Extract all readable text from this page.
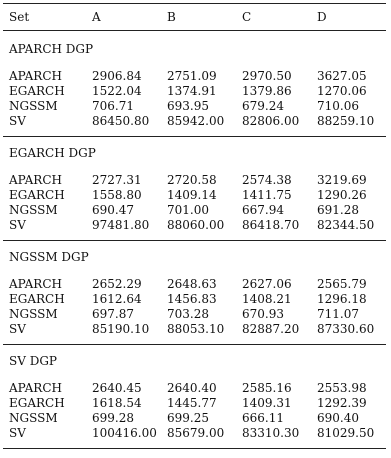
Set	A	B	C	D
APARCH DGP				

APARCH	2906.84	2751.09	2970.50	3627.05
EGARCH	1522.04	1374.91	1379.86	1270.06
NGSSM	706.71	693.95	679.24	710.06
SV	86450.80	85942.00	82806.00	88259.10

EGARCH DGP				

APARCH	2727.31	2720.58	2574.38	3219.69
EGARCH	1558.80	1409.14	1411.75	1290.26
NGSSM	690.47	701.00	667.94	691.28
SV	97481.80	88060.00	86418.70	82344.50

NGSSM DGP				

APARCH	2652.29	2648.63	2627.06	2565.79
EGARCH	1612.64	1456.83	1408.21	1296.18
NGSSM	697.87	703.28	670.93	711.07
SV	85190.10	88053.10	82887.20	87330.60

SV DGP				

APARCH	2640.45	2640.40	2585.16	2553.98
EGARCH	1618.54	1445.77	1409.31	1292.39
NGSSM	699.28	699.25	666.11	690.40
SV	100416.00	85679.00	83310.30	81029.50
